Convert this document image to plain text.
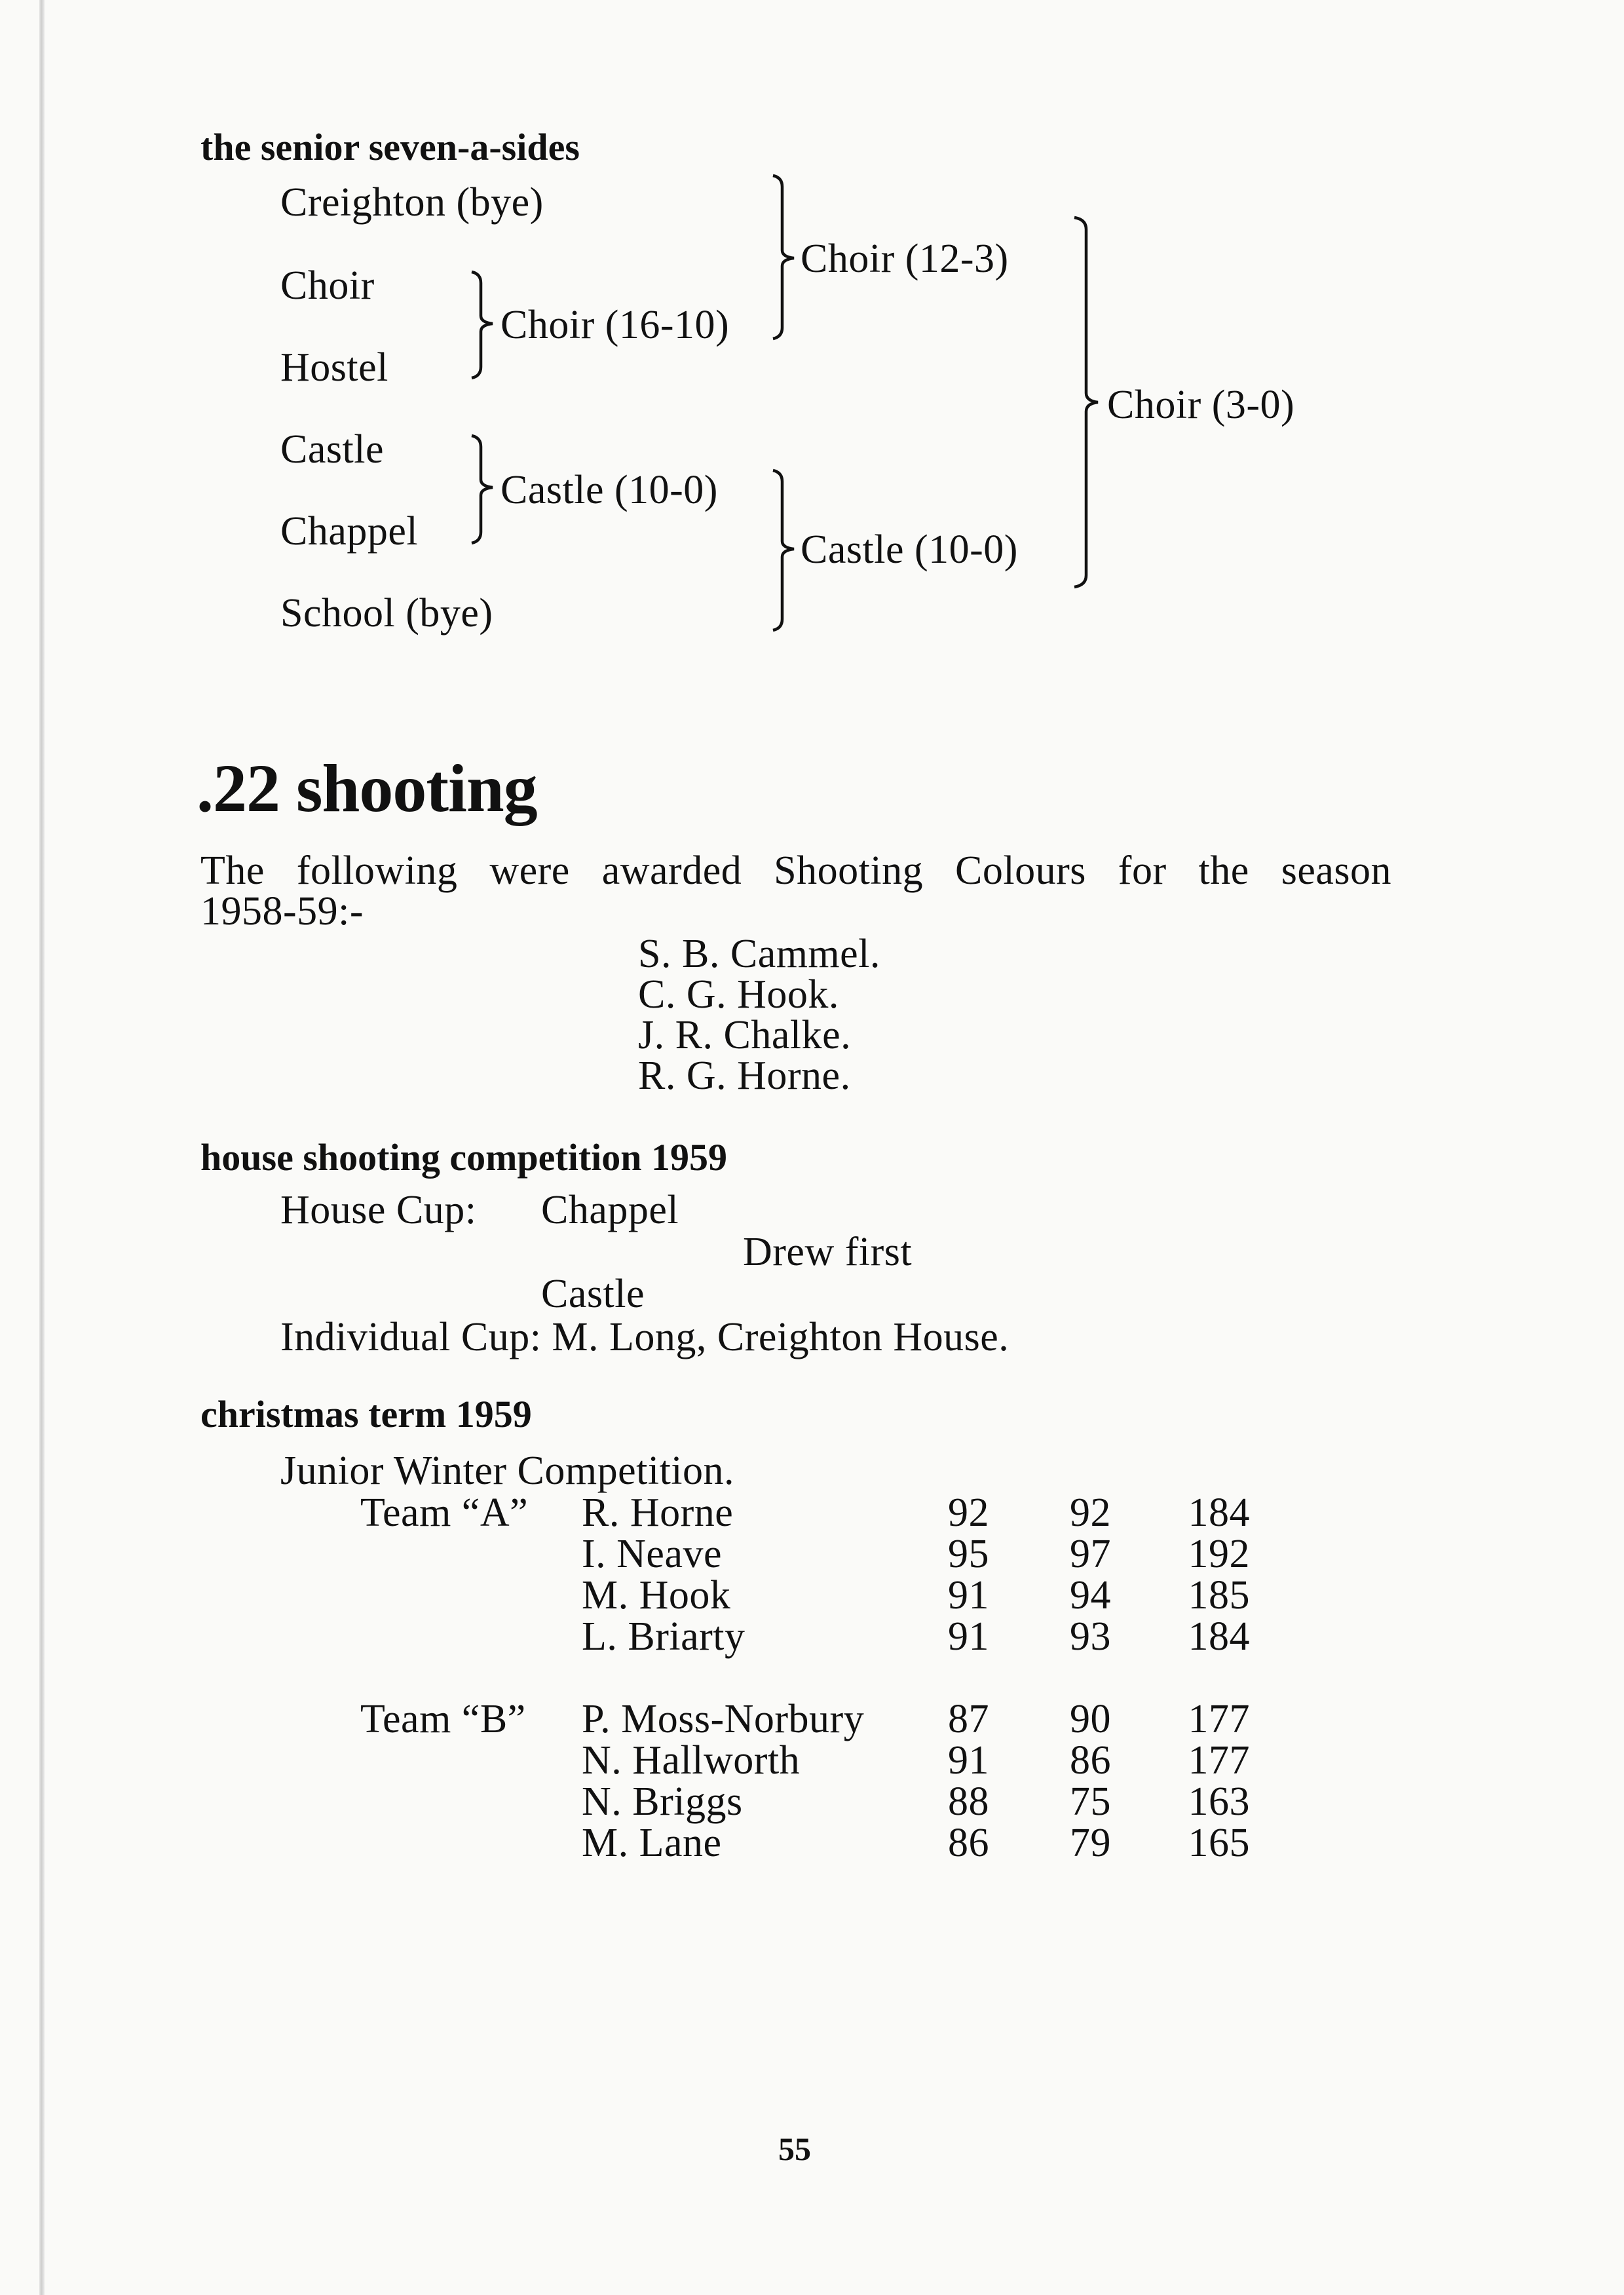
the senior seven-a-sides
Creighton (bye)
Choir
Hostel
Castle
Chappel
School (bye)
Choir (16-10)
Castle (10-0)
Choir (12-3)
Castle (10-0)
Choir (3-0)
.22 shooting
The following were awarded Shooting Colours for the season
1958-59:-
S. B. Cammel.
C. G. Hook.
J. R. Chalke.
R. G. Horne.
house shooting competition 1959
House Cup: Chappel
Drew first
Castle
Individual Cup: M. Long, Creighton House.
christmas term 1959
Junior Winter Competition.
Team “A” R. Horne	92	92 184
I. Neave	95	97 192
M. Hook	91	94 185
L. Briarty	91	93 184
Team “B” P. Moss-Norbury	87	90 177
N. Hallworth	91	86 177
N. Briggs	88	75 163
M. Lane	86	79 165
55
